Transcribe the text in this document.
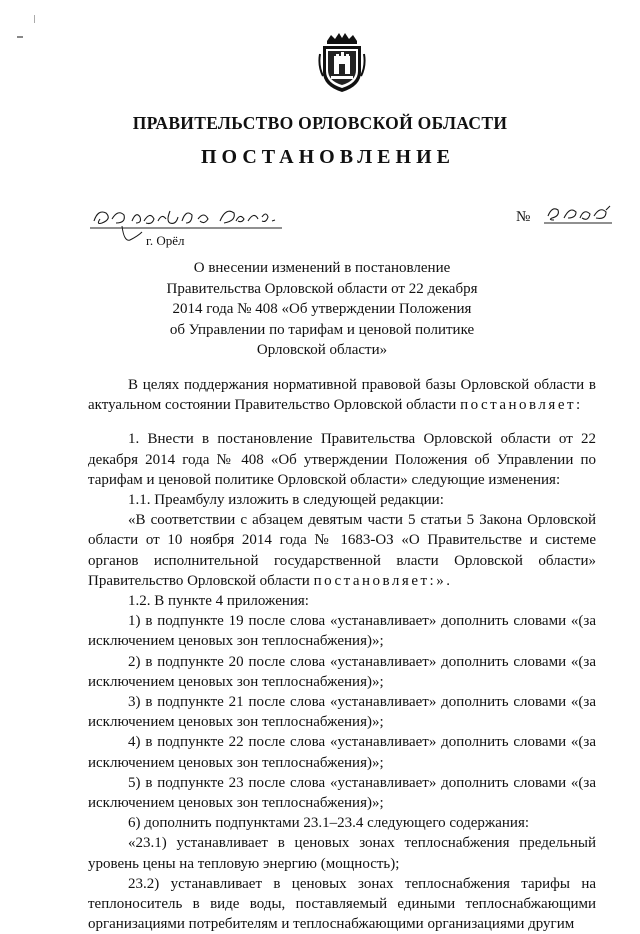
ПРАВИТЕЛЬСТВО ОРЛОВСКОЙ ОБЛАСТИ
ПОСТАНОВЛЕНИЕ
г. Орёл
№
О внесении изменений в постановление
Правительства Орловской области от 22 декабря
2014 года № 408 «Об утверждении Положения
об Управлении по тарифам и ценовой политике
Орловской области»

В целях поддержания нормативной правовой базы Орловской области в актуальном состоянии Правительство Орловской области постановляет:

1. Внести в постановление Правительства Орловской области от 22 декабря 2014 года № 408 «Об утверждении Положения об Управлении по тарифам и ценовой политике Орловской области» следующие изменения:

1.1. Преамбулу изложить в следующей редакции:

«В соответствии с абзацем девятым части 5 статьи 5 Закона Орловской области от 10 ноября 2014 года № 1683-ОЗ «О Правительстве и системе органов исполнительной государственной власти Орловской области» Правительство Орловской области постановляет:».

1.2. В пункте 4 приложения:

1) в подпункте 19 после слова «устанавливает» дополнить словами «(за исключением ценовых зон теплоснабжения)»;

2) в подпункте 20 после слова «устанавливает» дополнить словами «(за исключением ценовых зон теплоснабжения)»;

3) в подпункте 21 после слова «устанавливает» дополнить словами «(за исключением ценовых зон теплоснабжения)»;

4) в подпункте 22 после слова «устанавливает» дополнить словами «(за исключением ценовых зон теплоснабжения)»;

5) в подпункте 23 после слова «устанавливает» дополнить словами «(за исключением ценовых зон теплоснабжения)»;

6) дополнить подпунктами 23.1–23.4 следующего содержания:

«23.1) устанавливает в ценовых зонах теплоснабжения предельный уровень цены на тепловую энергию (мощность);

23.2) устанавливает в ценовых зонах теплоснабжения тарифы на теплоноситель в виде воды, поставляемый едиными теплоснабжающими организациями потребителям и теплоснабжающими организациями другим
